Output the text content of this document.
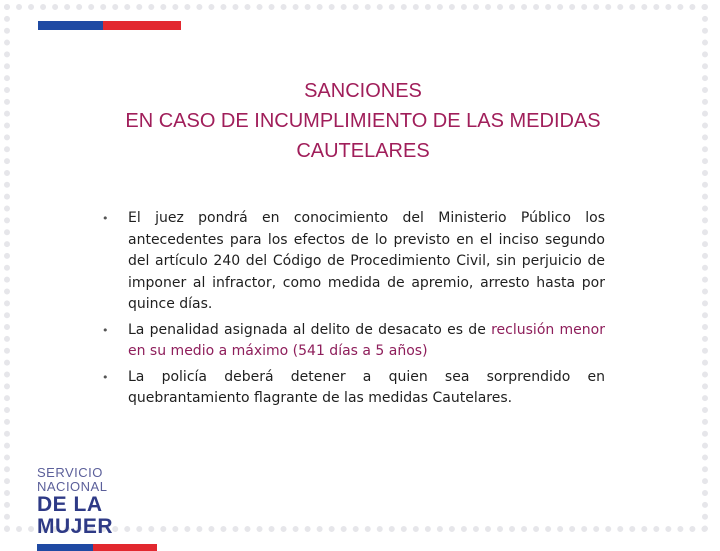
SANCIONES
EN CASO DE INCUMPLIMIENTO DE LAS MEDIDAS
CAUTELARES
• El juez pondrá en conocimiento del Ministerio Público los antecedentes para los efectos de lo previsto en el inciso segundo del artículo 240 del Código de Procedimiento Civil, sin perjuicio de imponer al infractor, como medida de apremio, arresto hasta por quince días.
• La penalidad asignada al delito de desacato es de reclusión menor en su medio a máximo (541 días a 5 años)
• La policía deberá detener a quien sea sorprendido en quebrantamiento flagrante de las medidas Cautelares.
SERVICIO NACIONAL
DE LA MUJER
